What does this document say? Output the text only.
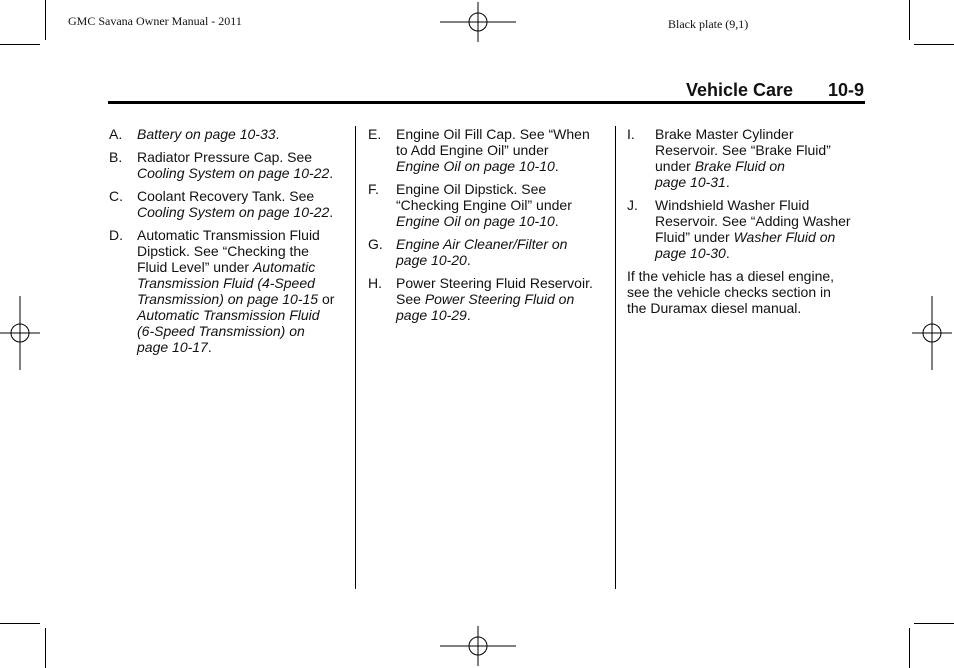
GMC Savana Owner Manual - 2011	Black plate (9,1)
Vehicle Care 10-9
A. Battery on page 10-33.
B. Radiator Pressure Cap. See
Cooling System on page 10-22.
C. Coolant Recovery Tank. See
Cooling System on page 10-22.
D. Automatic Transmission Fluid
Dipstick. See “Checking the
Fluid Level” under Automatic
Transmission Fluid (4-Speed
Transmission) on page 10-15 or
Automatic Transmission Fluid
(6-Speed Transmission) on
page 10-17.
E. Engine Oil Fill Cap. See “When
to Add Engine Oil” under
Engine Oil on page 10-10.
F. Engine Oil Dipstick. See
“Checking Engine Oil” under
Engine Oil on page 10-10.
G. Engine Air Cleaner/Filter on
page 10-20.
H. Power Steering Fluid Reservoir.
See Power Steering Fluid on
page 10-29.
I. Brake Master Cylinder
Reservoir. See “Brake Fluid”
under Brake Fluid on
page 10-31.
J. Windshield Washer Fluid
Reservoir. See “Adding Washer
Fluid” under Washer Fluid on
page 10-30.
If the vehicle has a diesel engine,
see the vehicle checks section in
the Duramax diesel manual.
